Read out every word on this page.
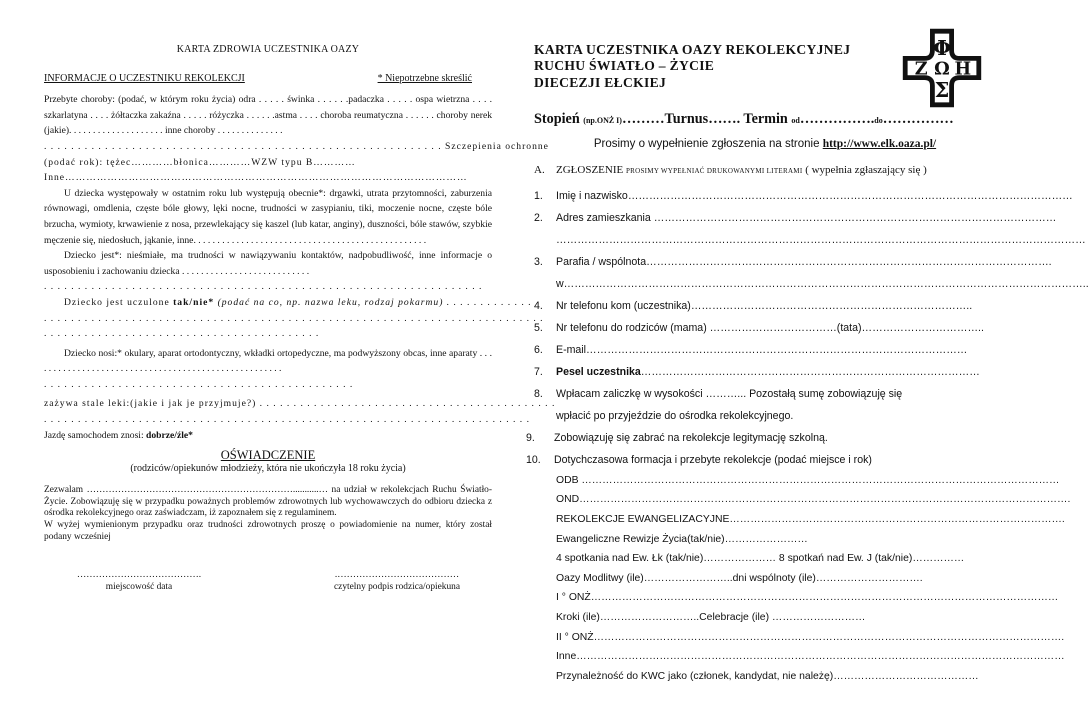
KARTA ZDROWIA UCZESTNIKA OAZY
INFORMACJE O UCZESTNIKU REKOLEKCJI	* Niepotrzebne skreślić

Przebyte choroby: (podać, w którym roku życia) odra . . . . . świnka . . . . . .padaczka . . . . . ospa wietrzna . . . . szkarlatyna . . . . żółtaczka zakaźna . . . . . różyczka . . . . . .astma . . . . choroba reumatyczna . . . . . . choroby nerek (jakie). . . . . . . . . . . . . . . . . . . . inne choroby . . . . . . . . . . . . . .

. . . . . . . . . . . . . . . . . . . . . . . . . . . . . . . . . . . . . . . . . . . . . . . . . . . . . . . . . . . Szczepienia ochronne
(podać rok): tężec…………błonica…………WZW typu B…………
Inne……………………………………………………………………………………………………

U dziecka występowały w ostatnim roku lub występują obecnie*: drgawki, utrata przytomności, zaburzenia równowagi, omdlenia, częste bóle głowy, lęki nocne, trudności w zasypianiu, tiki, moczenie nocne, częste bóle brzucha, wymioty, krwawienie z nosa, przewlekający się kaszel (lub katar, anginy), duszności, bóle stawów, szybkie męczenie się, niedosłuch, jąkanie, inne. . . . . . . . . . . . . . . . . . . . . . . . . . . . . . . . . . . . . . . . . . . . . . . . .

Dziecko jest*: nieśmiałe, ma trudności w nawiązywaniu kontaktów, nadpobudliwość, inne informacje o usposobieniu i zachowaniu dziecka . . . . . . . . . . . . . . . . . . . . . . . . . . .

. . . . . . . . . . . . . . . . . . . . . . . . . . . . . . . . . . . . . . . . . . . . . . . . . . . . . . . . . . . . . . . . .
Dziecko jest uczulone tak/nie* (podać na co, np. nazwa leku, rodzaj pokarmu) . . . . . . . . . . . . .
. . . . . . . . . . . . . . . . . . . . . . . . . . . . . . . . . . . . . . . . . . . . . . . . . . . . . . . . . . . . . . . . . . . . . . . . . .
. . . . . . . . . . . . . . . . . . . . . . . . . . . . . . . . . . . . . . . . .

Dziecko nosi:* okulary, aparat ortodontyczny, wkładki ortopedyczne, ma podwyższony obcas, inne aparaty . . . . . . . . . . . . . . . . . . . . . . . . . . . . . . . . . . . . . . . . . . . . . . . . . . . . .

. . . . . . . . . . . . . . . . . . . . . . . . . . . . . . . . . . . . . . . . . . . . . .
zażywa stale leki:(jakie i jak je przyjmuje?) . . . . . . . . . . . . . . . . . . . . . . . . . . . . . . . . . . . . . . . . . . . .
. . . . . . . . . . . . . . . . . . . . . . . . . . . . . . . . . . . . . . . . . . . . . . . . . . . . . . . . . . . . . . . . . . . . . . . .
Jazdę samochodem znosi: dobrze/źle*
OŚWIADCZENIE
(rodziców/opiekunów młodzieży, która nie ukończyła 18 roku życia)

Zezwalam …………………………………………………………...........… na udział w rekolekcjach Ruchu Światło-Życie. Zobowiązuję się w przypadku poważnych problemów zdrowotnych lub wychowawczych do odbioru dziecka z ośrodka rekolekcyjnego oraz zaświadczam, iż zapoznałem się z regulaminem.

W wyżej wymienionym przypadku oraz trudności zdrowotnych proszę o powiadomienie na numer, który został podany wcześniej

………………………………….
miejscowość data
.…………………………………
czytelny podpis rodzica/opiekuna
KARTA UCZESTNIKA OAZY REKOLEKCYJNEJ
RUCHU ŚWIATŁO – ŻYCIE
DIECEZJI EŁCKIEJ
Φ
Z Ω H
Σ
Stopień (np.ONŻ I)………Turnus……. Termin od…………….do……………
Prosimy o wypełnienie zgłoszenia na stronie http://www.elk.oaza.pl/
A.	ZGŁOSZENIE PROSIMY WYPEŁNIAĆ DRUKOWANYMI LITERAMI ( wypełnia zgłaszający się )
1.	Imię i nazwisko………………………………………………………………………………………………………………
2.	Adres zamieszkania ……………………………………………………………………………………………………
……………………………………………………………………………………………………………………………………
3.	Parafia / wspólnota…………………………………………………………………………………………………….
w…………………………………………………………………………………………………………………………………..
4.	Nr telefonu kom (uczestnika)……………………………………………………………………..
5.	Nr telefonu do rodziców (mama) ………………………………(tata)……………………………..
6.	E-mail………………………………………………………………………………………………
7.	Pesel uczestnika ……………………………………………………………………………………
8.	Wpłacam zaliczkę w wysokości ………... Pozostałą sumę zobowiązuję się
wpłacić po przyjeździe do ośrodka rekolekcyjnego.
9.	Zobowiązuję się zabrać na rekolekcje legitymację szkolną.
10.	Dotychczasowa formacja i przebyte rekolekcje (podać miejsce i rok)
ODB …………………………………………………………………………………………………………………………
OND…………………………………………………………………………………………………………………………….
REKOLEKCJE EWANGELIZACYJNE…………………………………………………………………………………….
Ewangeliczne Rewizje Życia(tak/nie)……………………
4 spotkania nad Ew. Łk (tak/nie)………………… 8 spotkań nad Ew. J (tak/nie)……………
Oazy Modlitwy (ile)……………………..dni wspólnoty (ile)………………………….
I ° ONŻ………………………………………………………………………………………………………………………
Kroki (ile)………………………..Celebracje (ile) ………………………
II ° ONŻ……………………………………………………………………………………………………………………….
Inne……………………………………………………………………………………………………………………………
Przynależność do KWC jako (członek, kandydat, nie należę)……………………………………
